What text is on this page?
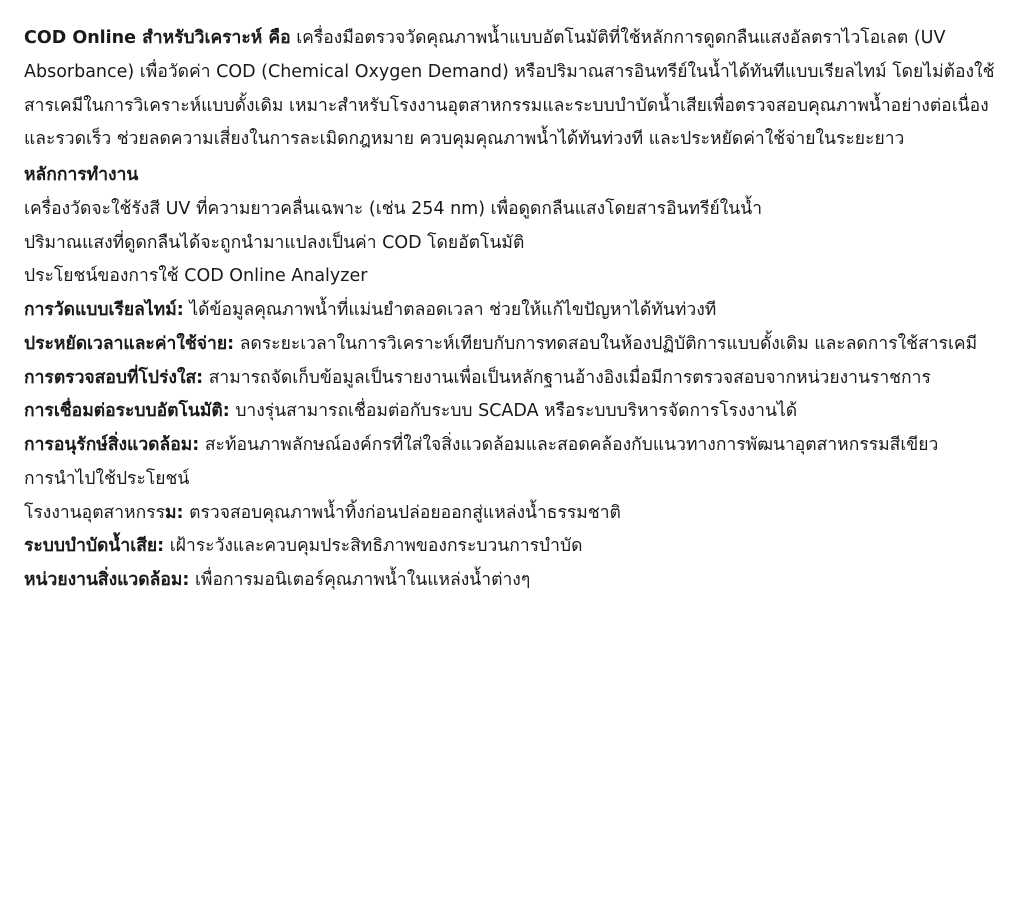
COD Online สำหรับวิเคราะห์ คือ เครื่องมือตรวจวัดคุณภาพน้ำแบบอัตโนมัติที่ใช้หลักการดูดกลืนแสงอัลตราไวโอเลต (UV Absorbance) เพื่อวัดค่า COD (Chemical Oxygen Demand) หรือปริมาณสารอินทรีย์ในน้ำได้ทันทีแบบเรียลไทม์ โดยไม่ต้องใช้สารเคมีในการวิเคราะห์แบบดั้งเดิม เหมาะสำหรับโรงงานอุตสาหกรรมและระบบบำบัดน้ำเสียเพื่อตรวจสอบคุณภาพน้ำอย่างต่อเนื่องและรวดเร็ว ช่วยลดความเสี่ยงในการละเมิดกฎหมาย ควบคุมคุณภาพน้ำได้ทันท่วงที และประหยัดค่าใช้จ่ายในระยะยาว

หลักการทำงาน

เครื่องวัดจะใช้รังสี UV ที่ความยาวคลื่นเฉพาะ (เช่น 254 nm) เพื่อดูดกลืนแสงโดยสารอินทรีย์ในน้ำ

ปริมาณแสงที่ดูดกลืนได้จะถูกนำมาแปลงเป็นค่า COD โดยอัตโนมัติ

ประโยชน์ของการใช้ COD Online Analyzer

การวัดแบบเรียลไทม์: ได้ข้อมูลคุณภาพน้ำที่แม่นยำตลอดเวลา ช่วยให้แก้ไขปัญหาได้ทันท่วงที

ประหยัดเวลาและค่าใช้จ่าย: ลดระยะเวลาในการวิเคราะห์เทียบกับการทดสอบในห้องปฏิบัติการแบบดั้งเดิม และลดการใช้สารเคมี

การตรวจสอบที่โปร่งใส: สามารถจัดเก็บข้อมูลเป็นรายงานเพื่อเป็นหลักฐานอ้างอิงเมื่อมีการตรวจสอบจากหน่วยงานราชการ

การเชื่อมต่อระบบอัตโนมัติ: บางรุ่นสามารถเชื่อมต่อกับระบบ SCADA หรือระบบบริหารจัดการโรงงานได้

การอนุรักษ์สิ่งแวดล้อม: สะท้อนภาพลักษณ์องค์กรที่ใส่ใจสิ่งแวดล้อมและสอดคล้องกับแนวทางการพัฒนาอุตสาหกรรมสีเขียว

การนำไปใช้ประโยชน์

โรงงานอุตสาหกรรม: ตรวจสอบคุณภาพน้ำทิ้งก่อนปล่อยออกสู่แหล่งน้ำธรรมชาติ

ระบบบำบัดน้ำเสีย: เฝ้าระวังและควบคุมประสิทธิภาพของกระบวนการบำบัด

หน่วยงานสิ่งแวดล้อม: เพื่อการมอนิเตอร์คุณภาพน้ำในแหล่งน้ำต่างๆ
